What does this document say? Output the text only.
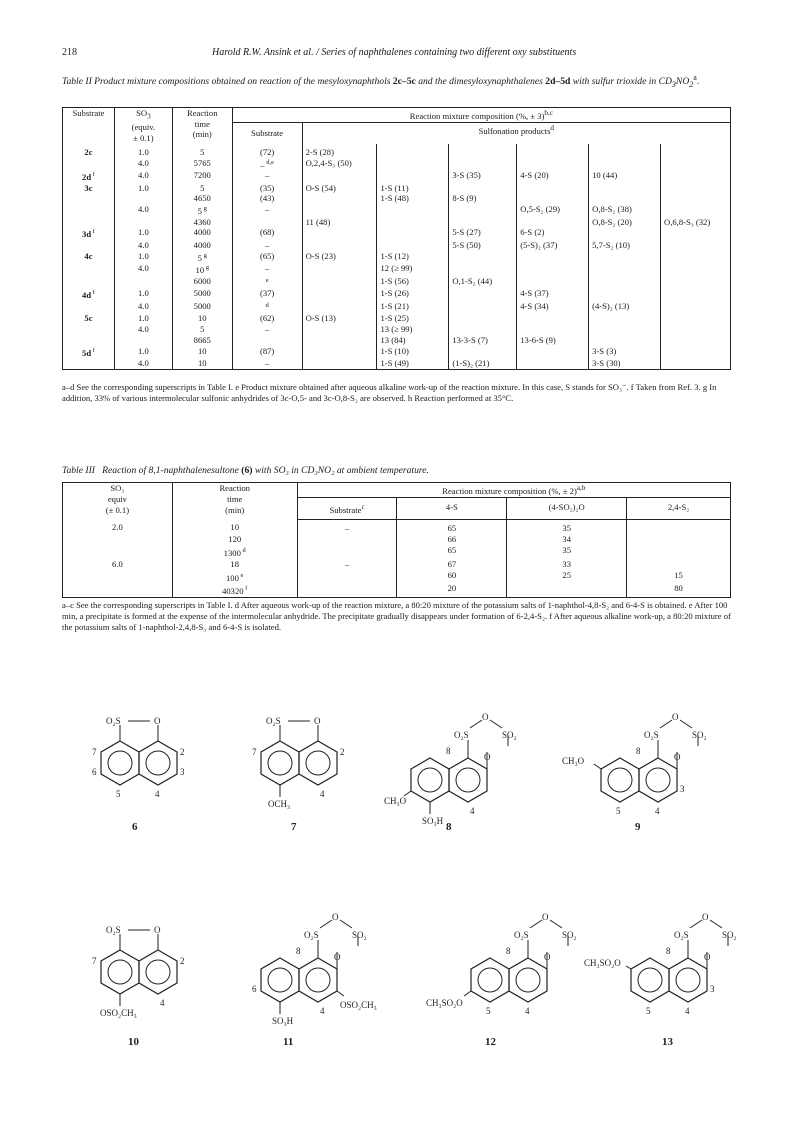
218	Harold R.W. Ansink et al. / Series of naphthalenes containing two different oxy substituents
Table II Product mixture compositions obtained on reaction of the mesyloxynaphthols 2c–5c and the dimesyloxynaphthalenes 2d–5d with sulfur trioxide in $CD_3NO_2^a$.
Substrate	$SO_3$
(equiv.
± 0.1)	Reaction
time
(min)	Reaction mixture composition (%, ± 3)$^{b,c}$
			Substrate	Sulfonation products$^d$

2c	1.0	5	(72)	2-S (28)					
	4.0	5765	– $^{d,e}$	O,2,4-S₃ (50)					
2d $^f$	4.0	7200	–			3-S (35)	4-S (20)	10 (44)	
3c	1.0	5	(35)	O-S (54)	1-S (11)				
		4650	(43)		1-S (48)	8-S (9)			
	4.0	5 $^g$	–				O,5-S₂ (29)	O,8-S₂ (38)	
		4360		11 (48)				O,8-S₂ (20)	O,6,8-S₃ (32)
3d $^f$	1.0	4000	(68)			5-S (27)	6-S (2)		
	4.0	4000	–			5-S (50)	(5-S)₂ (37)	5,7-S₂ (10)	
4c	1.0	5 $^g$	(65)	O-S (23)	1-S (12)				
	4.0	10 $^g$	–		12 (≥ 99)				
		6000	$^e$		1-S (56)	O,1-S₂ (44)			
4d $^f$	1.0	5000	(37)		1-S (26)		4-S (37)		
	4.0	5000	$^d$		1-S (21)		4-S (34)	(4-S)₂ (13)	
5c	1.0	10	(62)	O-S (13)	1-S (25)				
	4.0	5	–		13 (≥ 99)				
		8665			13 (84)	13-3-S (7)	13-6-S (9)		
5d $^f$	1.0	10	(87)		1-S (10)			3-S (3)	
	4.0	10	–		1-S (49)	(1-S)₂ (21)		3-S (30)	
a–d See the corresponding superscripts in Table I. e Product mixture obtained after aqueous alkaline work-up of the reaction mixture. In this case, S stands for SO₃⁻. f Taken from Ref. 3. g In addition, 33% of various intermolecular sulfonic anhydrides of 3c-O,5- and 3c-O,8-S₂ are observed. h Reaction performed at 35°C.
Table III Reaction of 8,1-naphthalenesultone (6) with SO₃ in CD₃NO₂ at ambient temperature.
SO₃
equiv
(± 0.1)	Reaction
time
(min)	Reaction mixture composition (%, ± 2)$^{a,b}$
		Substrate$^c$	4-S	(4-SO₂)₂O	2,4-S₂
2.0	10	–	65	35	
	120		66	34	
	1300 $^d$		65	35	
6.0	18	–	67	33	
	100 $^e$		60	25	15
	40320 $^f$		20		80
a–c See the corresponding superscripts in Table I. d After aqueous work-up of the reaction mixture, a 80:20 mixture of the potassium salts of 1-naphthol-4,8-S₂ and 6-4-S is obtained. e After 100 min, a precipitate is formed at the expense of the intermolecular anhydride. The precipitate gradually disappears under formation of 6-2,4-S₂. f After aqueous alkaline work-up, a 80:20 mixture of the potassium salts of 1-naphthol-2,4,8-S₃ and 6-4-S is isolated.
O₂S	O
7
6
2
3
5	4
O₂S	O
7	2
4
OCH₃
O₂S
O
SO₂
O
8
4
CH₃O
SO₃H
O₂S
O
SO₂
O
8
CH₃O
3
5	4
6	7	8	9
O₂S	O
7	2
4
OSO₂CH₃
O₂S
O
SO₂
O
8
6
4
SO₃H
OSO₂CH₃
O₂S
O
SO₂
O
8
CH₃SO₂O
5	4
O₂S
O
SO₂
O
8
CH₃SO₂O
3
5	4
10	11	12	13
